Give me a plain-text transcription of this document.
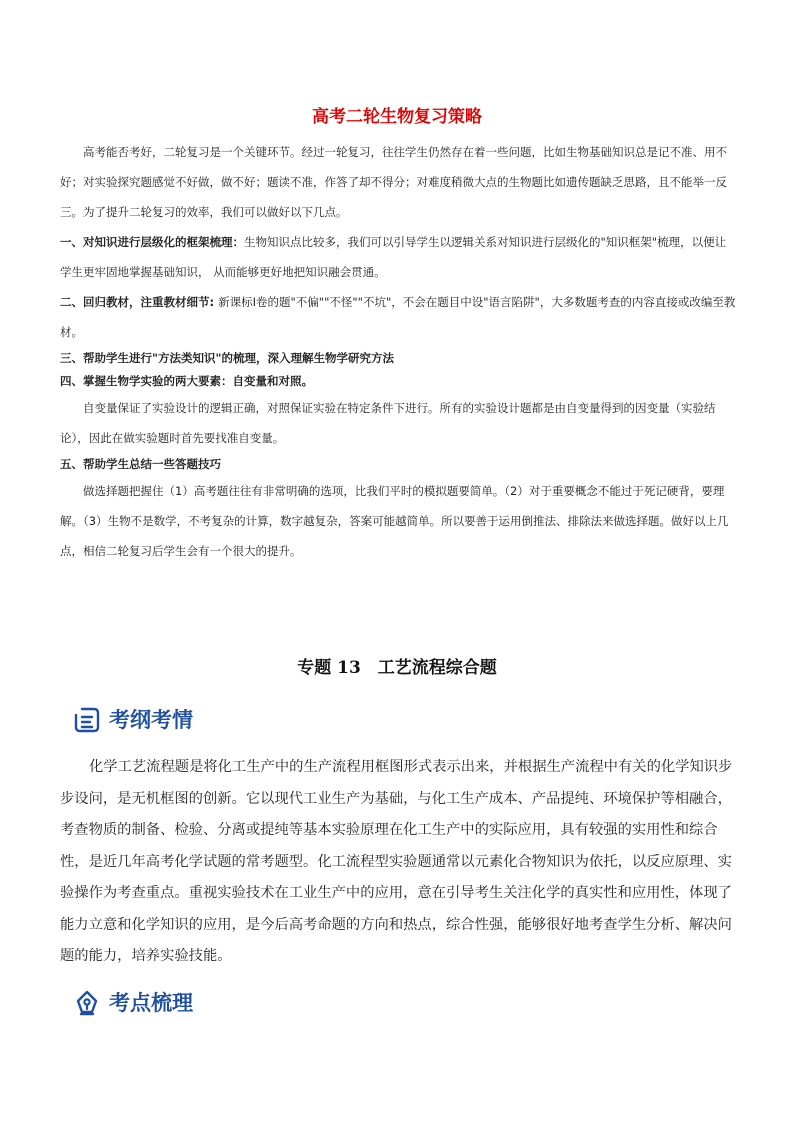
高考二轮生物复习策略

高考能否考好，二轮复习是一个关键环节。经过一轮复习，往往学生仍然存在着一些问题，比如生物基础知识总是记不准、用不好；对实验探究题感觉不好做，做不好；题读不准，作答了却不得分；对难度稍微大点的生物题比如遗传题缺乏思路，且不能举一反三。为了提升二轮复习的效率，我们可以做好以下几点。

一、对知识进行层级化的框架梳理：生物知识点比较多，我们可以引导学生以逻辑关系对知识进行层级化的"知识框架"梳理，以便让学生更牢固地掌握基础知识， 从而能够更好地把知识融会贯通。

二、回归教材，注重教材细节: 新课标Ⅰ卷的题"不偏""不怪""不坑"，不会在题目中设"语言陷阱"，大多数题考查的内容直接或改编至教材。

三、帮助学生进行"方法类知识"的梳理，深入理解生物学研究方法

四、掌握生物学实验的两大要素：自变量和对照。

自变量保证了实验设计的逻辑正确，对照保证实验在特定条件下进行。所有的实验设计题都是由自变量得到的因变量（实验结论），因此在做实验题时首先要找准自变量。

五、帮助学生总结一些答题技巧

做选择题把握住（1）高考题往往有非常明确的选项，比我们平时的模拟题要简单。（2）对于重要概念不能过于死记硬背，要理解。（3）生物不是数学，不考复杂的计算，数字越复杂，答案可能越简单。所以要善于运用倒推法、排除法来做选择题。做好以上几点，相信二轮复习后学生会有一个很大的提升。

专题 13　工艺流程综合题
考纲考情

化学工艺流程题是将化工生产中的生产流程用框图形式表示出来，并根据生产流程中有关的化学知识步步设问，是无机框图的创新。它以现代工业生产为基础，与化工生产成本、产品提纯、环境保护等相融合，考查物质的制备、检验、分离或提纯等基本实验原理在化工生产中的实际应用，具有较强的实用性和综合性，是近几年高考化学试题的常考题型。化工流程型实验题通常以元素化合物知识为依托，以反应原理、实验操作为考查重点。重视实验技术在工业生产中的应用，意在引导考生关注化学的真实性和应用性，体现了能力立意和化学知识的应用，是今后高考命题的方向和热点，综合性强，能够很好地考查学生分析、解决问题的能力，培养实验技能。

考点梳理
